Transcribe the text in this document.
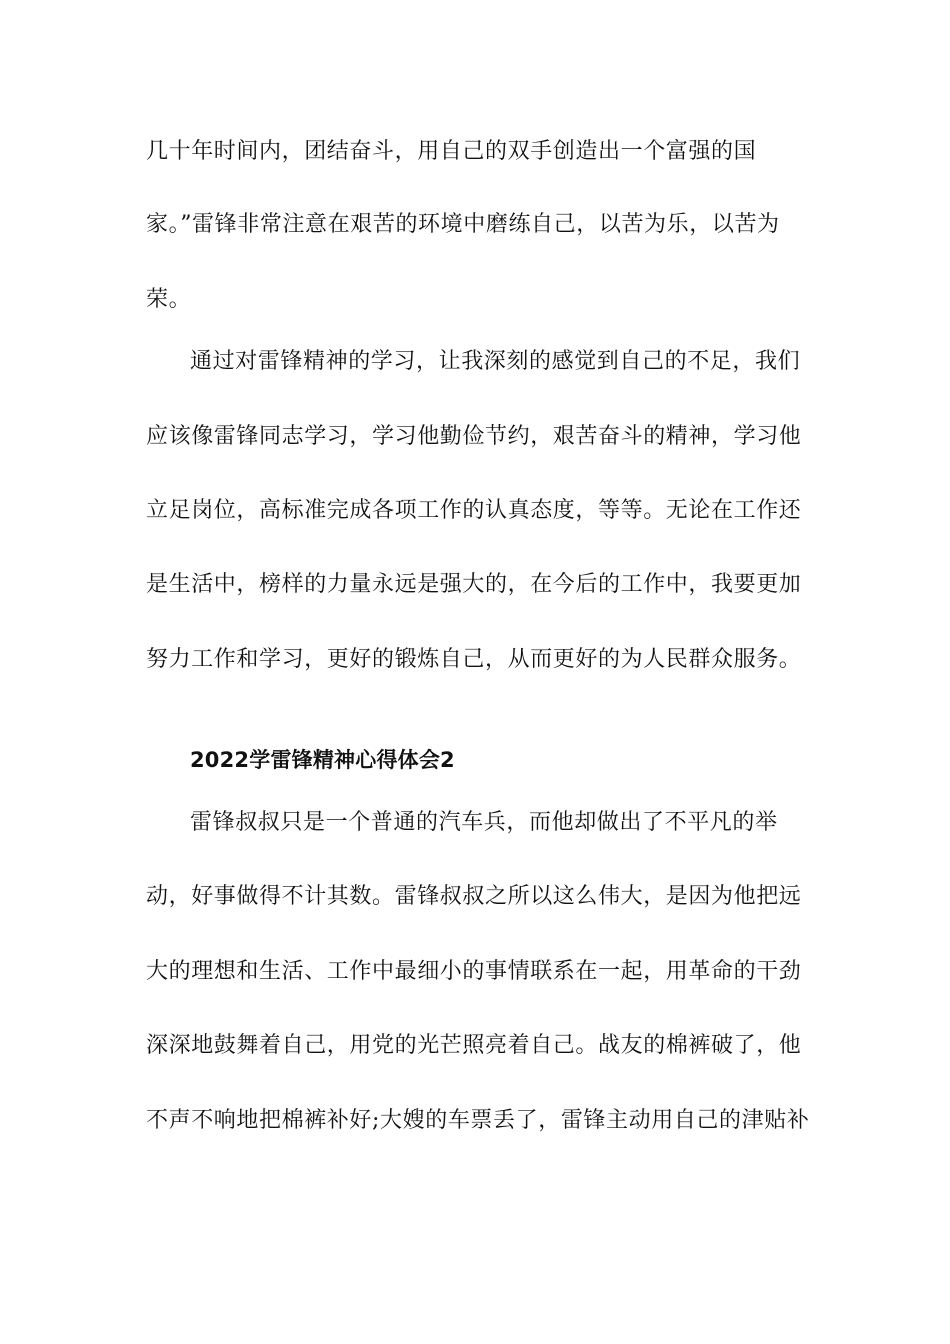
几十年时间内，团结奋斗，用自己的双手创造出一个富强的国
家。”雷锋非常注意在艰苦的环境中磨练自己，以苦为乐，以苦为
荣。
通过对雷锋精神的学习，让我深刻的感觉到自己的不足，我们
应该像雷锋同志学习，学习他勤俭节约，艰苦奋斗的精神，学习他
立足岗位，高标准完成各项工作的认真态度，等等。无论在工作还
是生活中，榜样的力量永远是强大的，在今后的工作中，我要更加
努力工作和学习，更好的锻炼自己，从而更好的为人民群众服务。
2022学雷锋精神心得体会2
雷锋叔叔只是一个普通的汽车兵，而他却做出了不平凡的举
动，好事做得不计其数。雷锋叔叔之所以这么伟大，是因为他把远
大的理想和生活、工作中最细小的事情联系在一起，用革命的干劲
深深地鼓舞着自己，用党的光芒照亮着自己。战友的棉裤破了，他
不声不响地把棉裤补好;大嫂的车票丢了，雷锋主动用自己的津贴补
